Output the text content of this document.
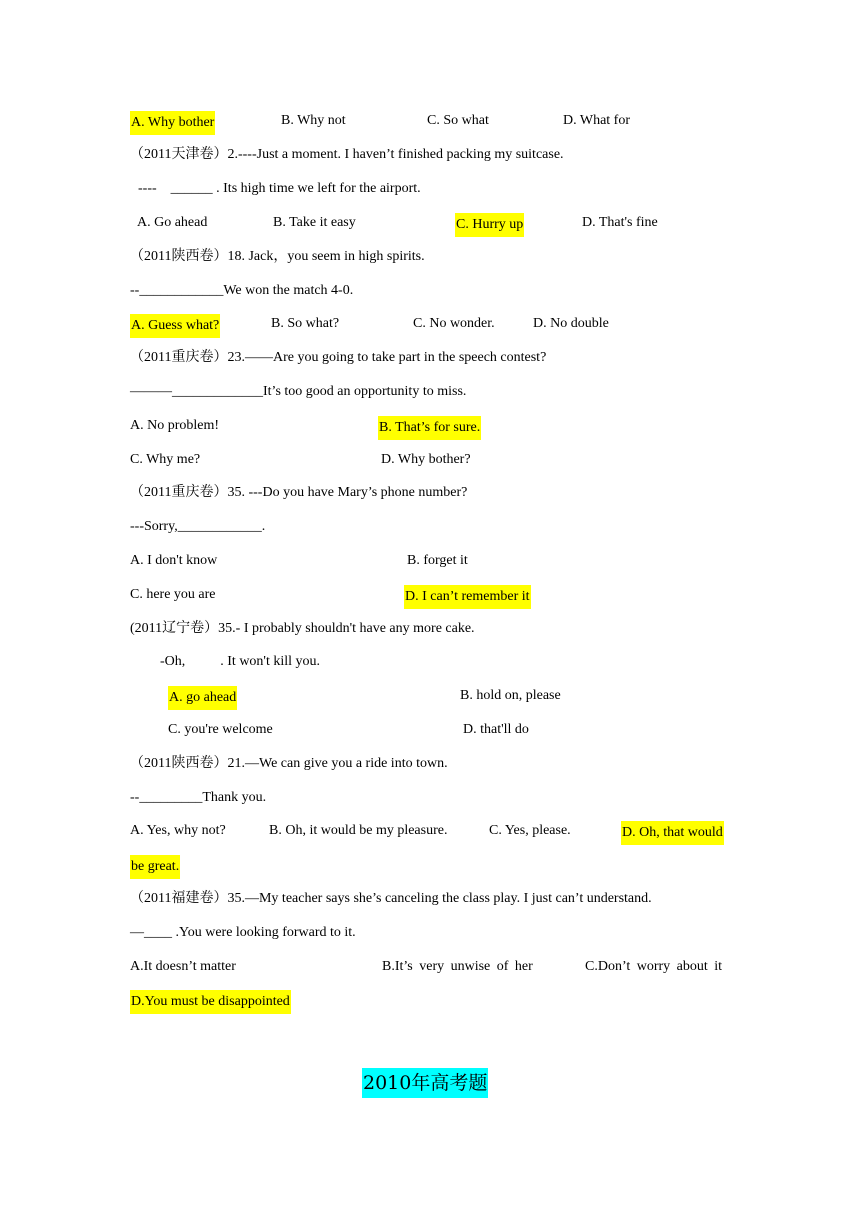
A. Why bother	B. Why not	C. So what	D. What for
（2011天津卷）2.----Just a moment. I haven’t finished packing my suitcase.
----    ______ . Its high time we left for the airport.
A. Go ahead	B. Take it easy	C. Hurry up	D. That's fine
（2011陕西卷）18. Jack，you seem in high spirits.
--____________We won the match 4-0.
A. Guess what?	B. So what?	C. No wonder.	D. No double
（2011重庆卷）23.——Are you going to take part in the speech contest?
———_____________It’s too good an opportunity to miss.
A. No problem!	B. That’s for sure.
C. Why me?	D. Why bother?
（2011重庆卷）35. ---Do you have Mary’s phone number?
---Sorry,____________.
A. I don't know	B. forget it
C. here you are	D. I can’t remember it
(2011辽宁卷）35.- I probably shouldn't have any more cake.
-Oh,          . It won't kill you.
A. go ahead	B. hold on, please
C. you're welcome	D. that'll do
（2011陕西卷）21.—We can give you a ride into town.
--_________Thank you.
A. Yes, why not?	B. Oh, it would be my pleasure.	C. Yes, please.	D. Oh, that would
be great.
（2011福建卷）35.—My teacher says she’s canceling the class play. I just can’t understand.
—____ .You were looking forward to it.
A.It doesn’t matter	B.It’s very unwise of her	C.Don’t worry about it
D.You must be disappointed
2010年高考题
